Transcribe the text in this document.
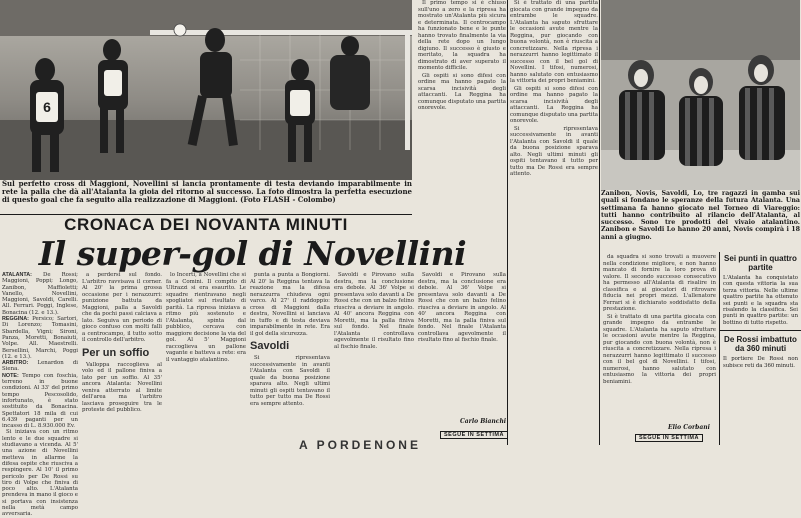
6
Sul perfetto cross di Maggioni, Novellini si lancia prontamente di testa deviando imparabilmente in rete la palla che dà all'Atalanta la gioia del ritorno al successo. La foto dimostra la perfetta esecuzione di questo goal che fa seguito alla realizzazione di Maggioni. (Foto FLASH - Colombo)
CRONACA DEI NOVANTA MINUTI
Il super-gol di Novellini
ATALANTA: De Rossi; Maggioni, Poppi; Longo, Zanibon, Maffioletti; Vanello, Novellini, Maggioni, Savoldi, Carelli. All. Ferrari. Poggi, Inglese, Bonacina (12. e 13.).
REGGINA: Persico; Sartori, Di Lorenzo; Tomasini, Sbardella, Vigni; Sironi, Panza, Moretti, Bonaiuti, Volpe. All. Maestrelli. Bersellini, Marchi, Poggi (12. e 13.).
ARBITRO: Lenardon di Siena.
NOTE: Tempo con foschia, terreno in buone condizioni. Al 33' del primo tempo Pescosolido, infortunato, è stato sostituito da Bonacina. Spettatori 18 mila di cui 6.439 paganti per un incasso di L. 8.930.000 Ev.

Si iniziava con un ritmo lento e le due squadre si studiavano a vicenda. Al 5' una azione di Novellini metteva in allarme la difesa ospite che riusciva a respingere. Al 10' il primo pericolo per De Rossi su tiro di Volpe che finiva di poco alto. L'Atalanta prendeva in mano il gioco e si portava con insistenza nella metà campo avversaria.

a perdersi sul fondo. L'arbitro ravvisava il corner. Al 20' la prima grossa occasione per i nerazzurri: punizione battuta da Maggioni, palla a Savoldi che da pochi passi calciava a lato. Seguiva un periodo di gioco confuso con molti falli a centrocampo, il tutto sotto il controllo dell'arbitro.

Per un soffio

Valloppa raccoglieva al volo ed il pallone finiva a lato per un soffio. Al 35' ancora Atalanta: Novellini veniva atterrato al limite dell'area ma l'arbitro lasciava proseguire tra le proteste del pubblico.

lo Incerti, a Novellini che si fa a Comini. Il compito di Ultrazzi si era esaurito. Le squadre rientravano negli spogliatoi sul risultato di parità. La ripresa iniziava a ritmo più sostenuto e l'Atalanta, spinta dal pubblico, cercava con maggiore decisione la via del gol. Al 5' Maggioni raccoglieva un pallone vagante e batteva a rete: era il vantaggio atalantino.

punta a punta a Bongiorni. Al 20' la Reggina tentava la reazione ma la difesa nerazzurra chiudeva ogni varco. Al 27' il raddoppio: cross di Maggioni dalla destra, Novellini si lanciava in tuffo e di testa deviava imparabilmente in rete. Era il gol della sicurezza.

Savoldi

Si ripresentava successivamente in avanti l'Atalanta con Savoldi il quale da buona posizione sparava alto. Negli ultimi minuti gli ospiti tentavano il tutto per tutto ma De Rossi era sempre attento.

Savoldi e Pirovano sulla destra, ma la conclusione era debole. Al 36' Volpe si presentava solo davanti a De Rossi che con un balzo felino riusciva a deviare in angolo. Al 40' ancora Reggina con Moretti, ma la palla finiva sul fondo. Nel finale l'Atalanta controllava agevolmente il risultato fino al fischio finale.

Il primo tempo si è chiuso sull'uno a zero e la ripresa ha mostrato un'Atalanta più sicura e determinata. Il centrocampo ha funzionato bene e le punte hanno trovato finalmente la via della rete dopo un lungo digiuno. Il successo è giusto e meritato, la squadra ha dimostrato di aver superato il momento difficile.

Gli ospiti si sono difesi con ordine ma hanno pagato la scarsa incisività degli attaccanti. La Reggina ha comunque disputato una partita onorevole.

Savoldi e Pirovano sulla destra, ma la conclusione era debole. Al 36' Volpe si presentava solo davanti a De Rossi che con un balzo felino riusciva a deviare in angolo. Al 40' ancora Reggina con Moretti, ma la palla finiva sul fondo. Nel finale l'Atalanta controllava agevolmente il risultato fino al fischio finale.

Carlo Bianchi
SEGUE IN SETTIMA

Si è trattato di una partita giocata con grande impegno da entrambe le squadre. L'Atalanta ha saputo sfruttare le occasioni avute mentre la Reggina, pur giocando con buona volontà, non è riuscita a concretizzare. Nella ripresa i nerazzurri hanno legittimato il successo con il bel gol di Novellini. I tifosi, numerosi, hanno salutato con entusiasmo la vittoria dei propri beniamini.

Gli ospiti si sono difesi con ordine ma hanno pagato la scarsa incisività degli attaccanti. La Reggina ha comunque disputato una partita onorevole.

Si ripresentava successivamente in avanti l'Atalanta con Savoldi il quale da buona posizione sparava alto. Negli ultimi minuti gli ospiti tentavano il tutto per tutto ma De Rossi era sempre attento.

Zanibon, Novis, Savoldi, Lo, tre ragazzi in gamba sui quali si fondano le speranze della futura Atalanta. Una settimana fa hanno giocato nel Torneo di Viareggio: tutti hanno contribuito al rilancio dell'Atalanta, al successo. Sono tre prodotti del vivaio atalantino. Zanibon e Savoldi Lo hanno 20 anni, Novis compirà i 18 anni a giugno.

da squadra si sono trovati a muovere nella condizione migliore, e non hanno mancato di fornire la loro prova di valore. Il secondo successo consecutivo ha permesso all'Atalanta di risalire in classifica e ai giocatori di ritrovare fiducia nei propri mezzi. L'allenatore Ferrari si è dichiarato soddisfatto della prestazione.

Si è trattato di una partita giocata con grande impegno da entrambe le squadre. L'Atalanta ha saputo sfruttare le occasioni avute mentre la Reggina, pur giocando con buona volontà, non è riuscita a concretizzare. Nella ripresa i nerazzurri hanno legittimato il successo con il bel gol di Novellini. I tifosi, numerosi, hanno salutato con entusiasmo la vittoria dei propri beniamini.

Elio Corbani
SEGUE IN SETTIMA
Sei punti in quattro partite
L'Atalanta ha conquistato con questa vittoria la sua terza vittoria. Nelle ultime quattro partite ha ottenuto sei punti e la squadra sta risalendo la classifica. Sei punti in quattro partite: un bottino di tutto rispetto.
De Rossi imbattuto da 360 minuti
Il portiere De Rossi non subisce reti da 360 minuti.
A PORDENONE
